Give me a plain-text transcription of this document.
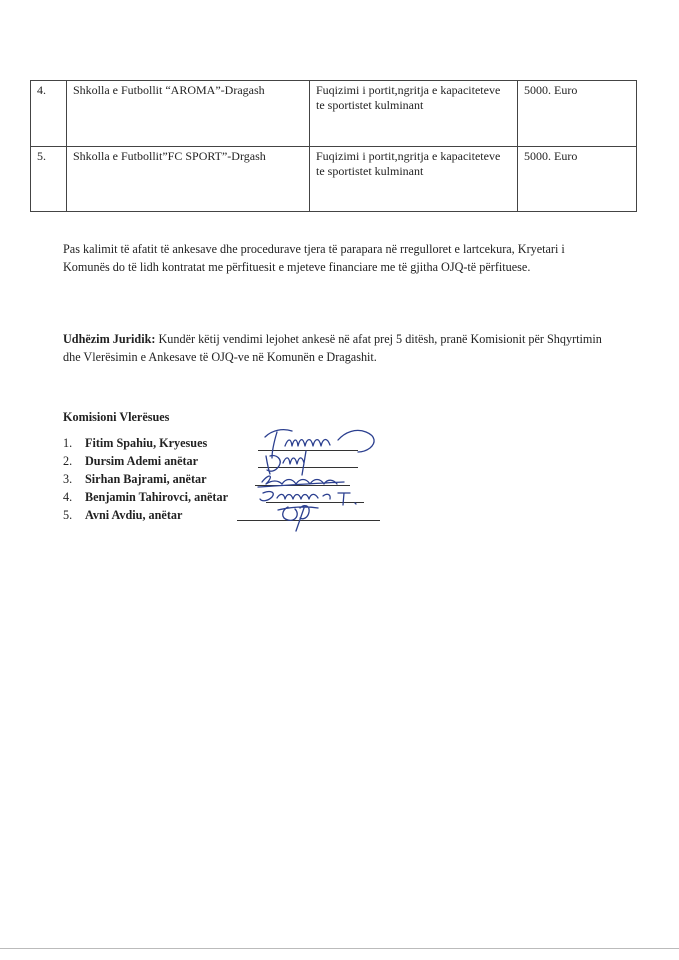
4.	Shkolla e Futbollit “AROMA”-Dragash	Fuqizimi i portit,ngritja e kapaciteteve te sportistet kulminant	5000. Euro
5.	Shkolla e Futbollit”FC SPORT”-Drgash	Fuqizimi i portit,ngritja e kapaciteteve te sportistet kulminant	5000. Euro

Pas kalimit të afatit të ankesave dhe procedurave tjera të parapara në rregulloret e lartcekura, Kryetari i Komunës do të lidh kontratat me përfituesit e mjeteve financiare me të gjitha OJQ-të përfituese.

Udhëzim Juridik: Kundër këtij vendimi lejohet ankesë në afat prej 5 ditësh, pranë Komisionit për Shqyrtimin dhe Vlerësimin e Ankesave të OJQ-ve në Komunën e Dragashit.

Komisioni Vlerësues

1. Fitim Spahiu, Kryesues
2. Dursim Ademi anëtar
3. Sirhan Bajrami, anëtar
4. Benjamin Tahirovci, anëtar
5. Avni Avdiu, anëtar
